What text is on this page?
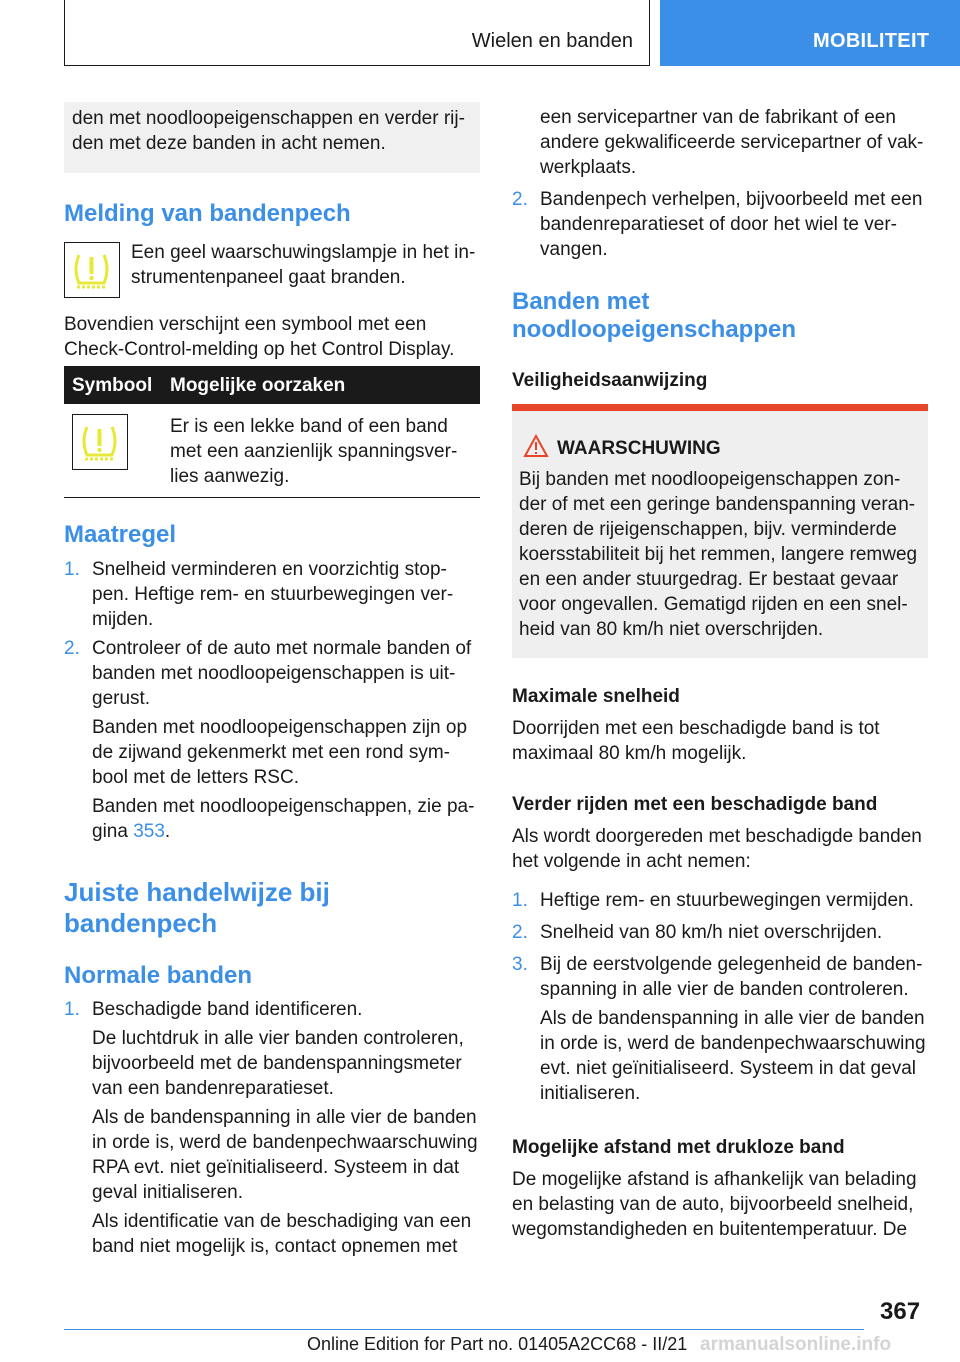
Wielen en banden	MOBILITEIT

den met noodloopeigenschappen en verder rij-
den met deze banden in acht nemen.

Melding van bandenpech
Een geel waarschuwingslampje in het in-
strumentenpaneel gaat branden.
Bovendien verschijnt een symbool met een
Check-Control-melding op het Control Display.
Symbool	Mogelijke oorzaken

	Er is een lekke band of een band
met een aanzienlijk spanningsver-
lies aanwezig.
Maatregel
1. Snelheid verminderen en voorzichtig stop-
pen. Heftige rem- en stuurbewegingen ver-
mijden.
2. Controleer of de auto met normale banden of
banden met noodloopeigenschappen is uit-
gerust.

Banden met noodloopeigenschappen zijn op
de zijwand gekenmerkt met een rond sym-
bool met de letters RSC.

Banden met noodloopeigenschappen, zie pa-
gina 353.

Juiste handelwijze bij
bandenpech
Normale banden
1. Beschadigde band identificeren.

De luchtdruk in alle vier banden controleren,
bijvoorbeeld met de bandenspanningsmeter
van een bandenreparatieset.

Als de bandenspanning in alle vier de banden
in orde is, werd de bandenpechwaarschuwing
RPA evt. niet geïnitialiseerd. Systeem in dat
geval initialiseren.

Als identificatie van de beschadiging van een
band niet mogelijk is, contact opnemen met

een servicepartner van de fabrikant of een
andere gekwalificeerde servicepartner of vak-
werkplaats.

2. Bandenpech verhelpen, bijvoorbeeld met een
bandenreparatieset of door het wiel te ver-
vangen.
Banden met
noodloopeigenschappen
Veiligheidsaanwijzing
WAARSCHUWING
Bij banden met noodloopeigenschappen zon-
der of met een geringe bandenspanning veran-
deren de rijeigenschappen, bijv. verminderde
koersstabiliteit bij het remmen, langere remweg
en een ander stuurgedrag. Er bestaat gevaar
voor ongevallen. Gematigd rijden en een snel-
heid van 80 km/h niet overschrijden.
Maximale snelheid
Doorrijden met een beschadigde band is tot
maximaal 80 km/h mogelijk.
Verder rijden met een beschadigde band
Als wordt doorgereden met beschadigde banden
het volgende in acht nemen:
1. Heftige rem- en stuurbewegingen vermijden.
2. Snelheid van 80 km/h niet overschrijden.
3. Bij de eerstvolgende gelegenheid de banden-
spanning in alle vier de banden controleren.

Als de bandenspanning in alle vier de banden
in orde is, werd de bandenpechwaarschuwing
evt. niet geïnitialiseerd. Systeem in dat geval
initialiseren.

Mogelijke afstand met drukloze band
De mogelijke afstand is afhankelijk van belading
en belasting van de auto, bijvoorbeeld snelheid,
wegomstandigheden en buitentemperatuur. De
367
Online Edition for Part no. 01405A2CC68 - II/21 armanualsonline.info
